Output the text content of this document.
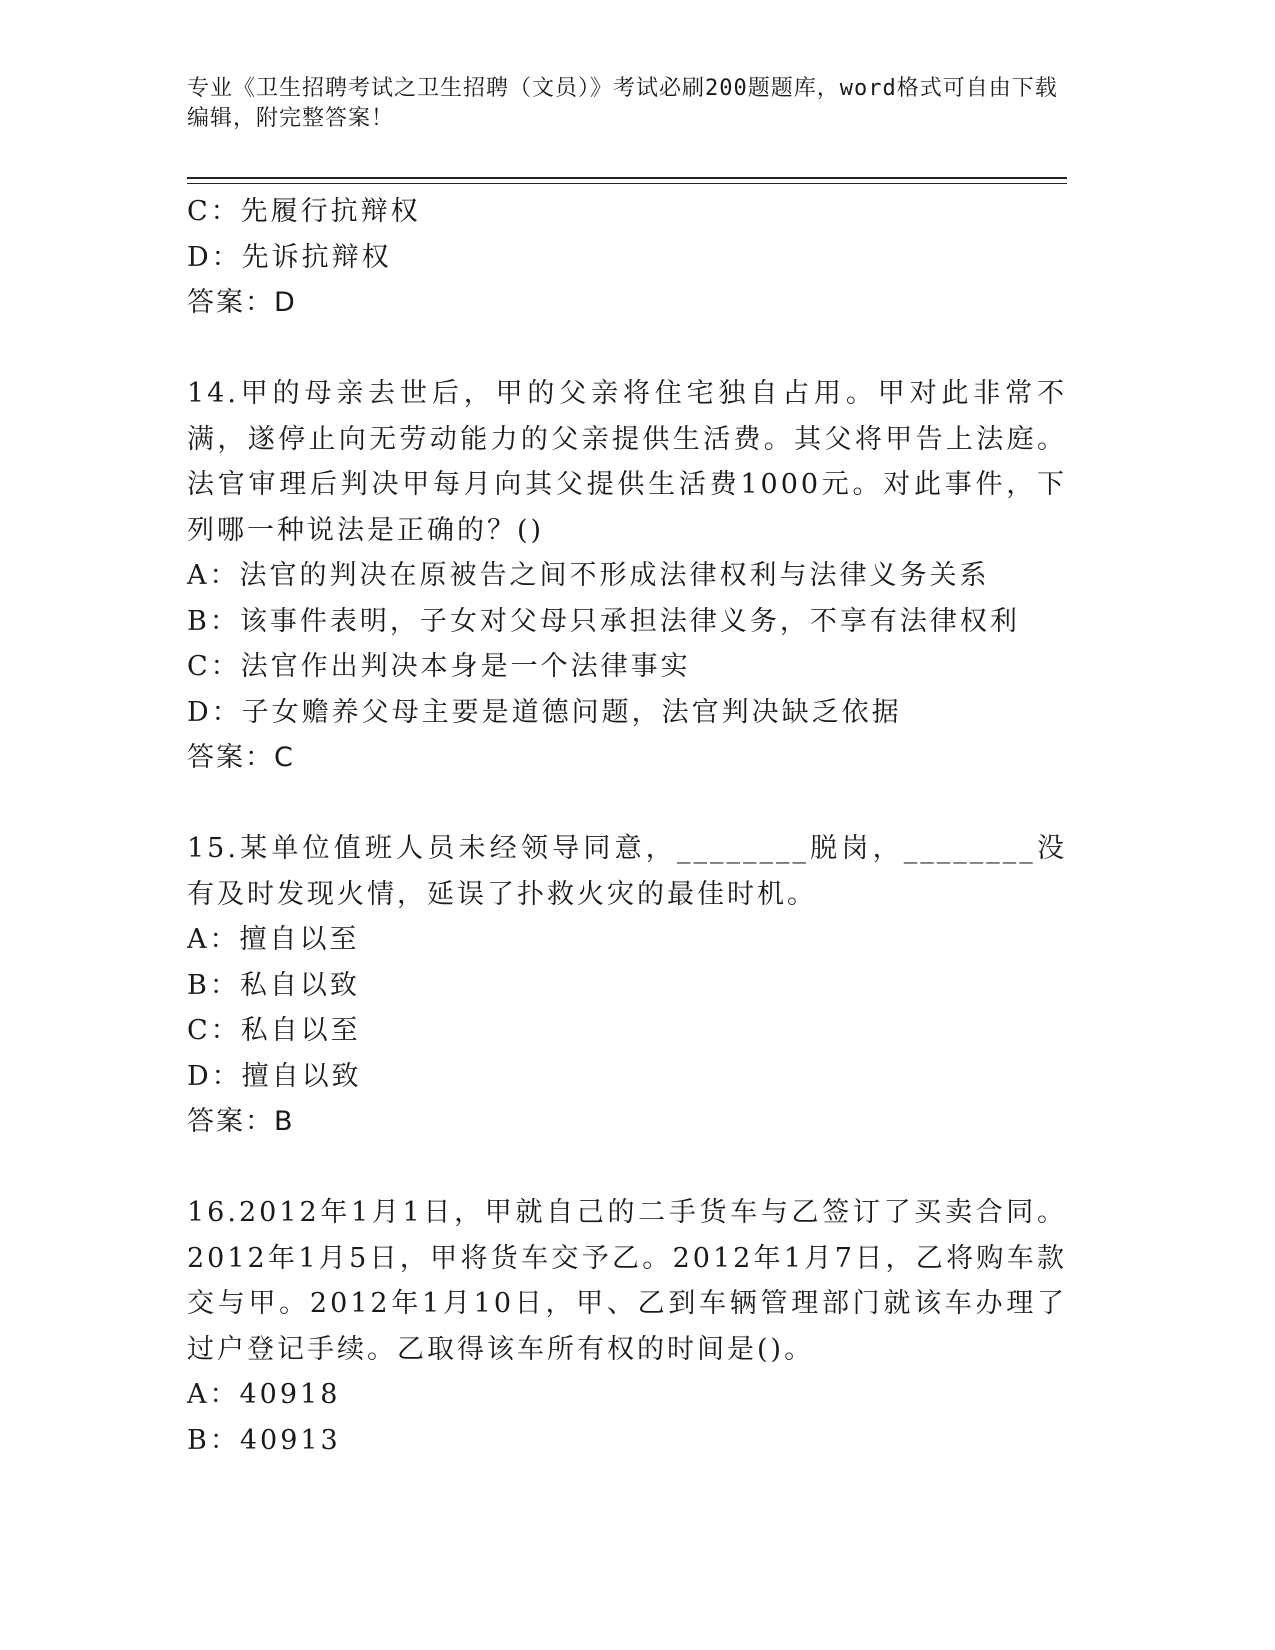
专业《卫生招聘考试之卫生招聘（文员）》考试必刷200题题库，word格式可自由下载编辑，附完整答案！

C：先履行抗辩权

D：先诉抗辩权

答案：D

14.甲的母亲去世后，甲的父亲将住宅独自占用。甲对此非常不满，遂停止向无劳动能力的父亲提供生活费。其父将甲告上法庭。法官审理后判决甲每月向其父提供生活费1000元。对此事件，下列哪一种说法是正确的？()

A：法官的判决在原被告之间不形成法律权利与法律义务关系

B：该事件表明，子女对父母只承担法律义务，不享有法律权利

C：法官作出判决本身是一个法律事实

D：子女赡养父母主要是道德问题，法官判决缺乏依据

答案：C

15.某单位值班人员未经领导同意，________脱岗，________没有及时发现火情，延误了扑救火灾的最佳时机。

A：擅自以至

B：私自以致

C：私自以至

D：擅自以致

答案：B

16.2012年1月1日，甲就自己的二手货车与乙签订了买卖合同。2012年1月5日，甲将货车交予乙。2012年1月7日，乙将购车款交与甲。2012年1月10日，甲、乙到车辆管理部门就该车办理了过户登记手续。乙取得该车所有权的时间是()。

A：40918

B：40913
